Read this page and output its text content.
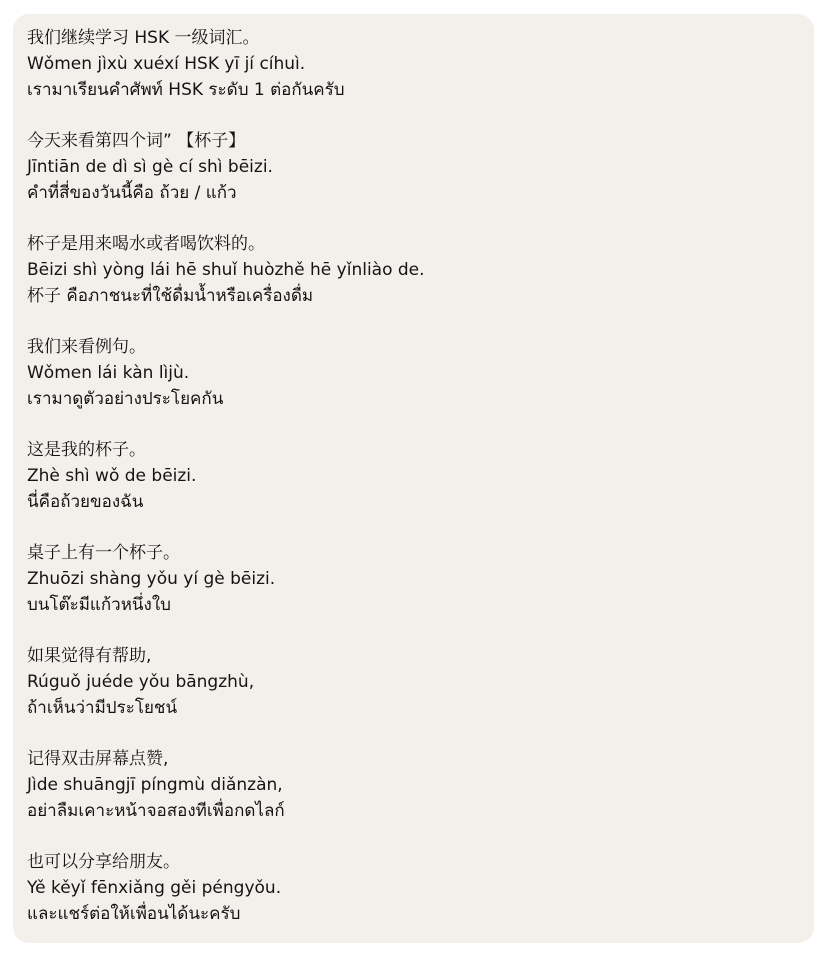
我们继续学习 HSK 一级词汇。
Wǒmen jìxù xuéxí HSK yī jí cíhuì.
เรามาเรียนคำศัพท์ HSK ระดับ 1 ต่อกันครับ
今天来看第四个词” 【杯子】
Jīntiān de dì sì gè cí shì bēizi.
คำที่สี่ของวันนี้คือ ถ้วย / แก้ว
杯子是用来喝水或者喝饮料的。
Bēizi shì yòng lái hē shuǐ huòzhě hē yǐnliào de.
杯子 คือภาชนะที่ใช้ดื่มน้ำหรือเครื่องดื่ม
我们来看例句。
Wǒmen lái kàn lìjù.
เรามาดูตัวอย่างประโยคกัน
这是我的杯子。
Zhè shì wǒ de bēizi.
นี่คือถ้วยของฉัน
桌子上有一个杯子。
Zhuōzi shàng yǒu yí gè bēizi.
บนโต๊ะมีแก้วหนึ่งใบ
如果觉得有帮助,
Rúguǒ juéde yǒu bāngzhù,
ถ้าเห็นว่ามีประโยชน์
记得双击屏幕点赞,
Jìde shuāngjī píngmù diǎnzàn,
อย่าลืมเคาะหน้าจอสองทีเพื่อกดไลก์
也可以分享给朋友。
Yě kěyǐ fēnxiǎng gěi péngyǒu.
และแชร์ต่อให้เพื่อนได้นะครับ
